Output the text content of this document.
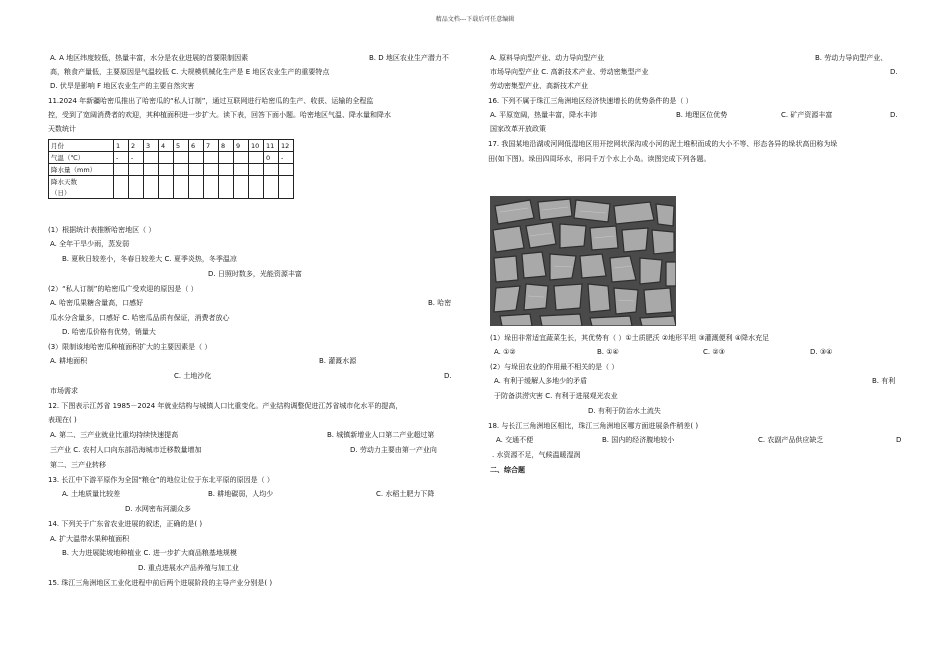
精品文档---下载后可任意编辑
A. A 地区纬度较低，热量丰富，水分是农业进展的首要限制因素	B. D 地区农业生产潜力不
高，粮食产量低，主要原因是气温较低 C. 大规模机械化生产是 E 地区农业生产的重要特点
D. 伏旱是影响 F 地区农业生产的主要自然灾害
11.2024 年新疆哈密瓜推出了哈密瓜的“私人订制”，通过互联网进行哈密瓜的生产、收获、运输的全程监
控，受到了宽阔消费者的欢迎，其种植面积进一步扩大。读下表，回答下面小题。哈密地区气温、降水量和降水
天数统计
月份	1	2	3	4	5	6	7	8	9	10	11	12
气温（℃）	-	-									0	-
降水量（mm）												
降水天数												
（日）												
(1）根据统计表推断哈密地区（ ）
A. 全年干旱少雨，蒸发弱
B. 夏秋日较差小，冬春日较差大 C. 夏季炎热，冬季温凉
D. 日照时数多，光能资源丰富
(2）“私人订制”的哈密瓜广受欢迎的原因是（ ）
B. 哈密
A. 哈密瓜果糖含量高，口感好
瓜水分含量多，口感好 C. 哈密瓜品质有保证，消费者放心
D. 哈密瓜价格有优势，销量大
(3）限制该地哈密瓜种植面积扩大的主要因素是（ ）
A. 耕地面积	B. 灌溉水源
C. 土地沙化	D.
市场需求
12. 下图表示江苏省 1985－2024 年就业结构与城镇人口比重变化。产业结构调整促进江苏省城市化水平的提高，
表现在( )
A. 第二、三产业就业比重均持续快速提高	B. 城镇新增业人口第二产业超过第
三产业 C. 农村人口向东部沿海城市迁移数量增加	D. 劳动力主要由第一产业向
第二、三产业转移
13. 长江中下游平原作为全国“粮仓”的地位让位于东北平原的原因是（ ）
A. 土地质量比较差	B. 耕地碳弱，人均少	C. 水稻土肥力下降
D. 水网密布河湖众多
14. 下列关于广东省农业进展的叙述，正确的是( )
A. 扩大温带水果种植面积
B. 大力进展陡坡地种植业 C. 进一步扩大商品粮基地规模
D. 重点进展水产品养殖与加工业
15. 珠江三角洲地区工业化进程中前后两个进展阶段的主导产业分别是( )
A. 原料导向型产业、动力导向型产业	B. 劳动力导向型产业、
市场导向型产业 C. 高新技术产业、劳动密集型产业	D.
劳动密集型产业、高新技术产业
16. 下列不属于珠江三角洲地区经济快速增长的优势条件的是（ ）
A. 平原宽阔，热量丰富，降水丰沛	B. 地理区位优势	C. 矿产资源丰富	D.
国家改革开放政策
17. 我国某地沿湖或河网低湿地区用开挖网状深沟或小河的泥土堆积而成的大小不等、形态各异的垛状高田称为垛
田(如下图)。垛田四周环水，形同千万个水上小岛。读图完成下列各题。
(1）垛田非常适宜蔬菜生长，其优势有（ ）①土质肥沃 ②地形平坦 ③灌溉便利 ④降水充足
A. ①②	B. ①④	C. ②③	D. ③④
(2）与垛田农业的作用最不相关的是（ ）
A. 有利于缓解人多地少的矛盾	B. 有利
于防备洪涝灾害 C. 有利于进展观光农业
D. 有利于防治水土流失
18. 与长江三角洲地区相比，珠江三角洲地区哪方面进展条件稍差( )
A. 交通不便	B. 国内的经济腹地较小	C. 农副产品供应缺乏	D
. 水资源不足，气候温暖湿润
二、综合题
